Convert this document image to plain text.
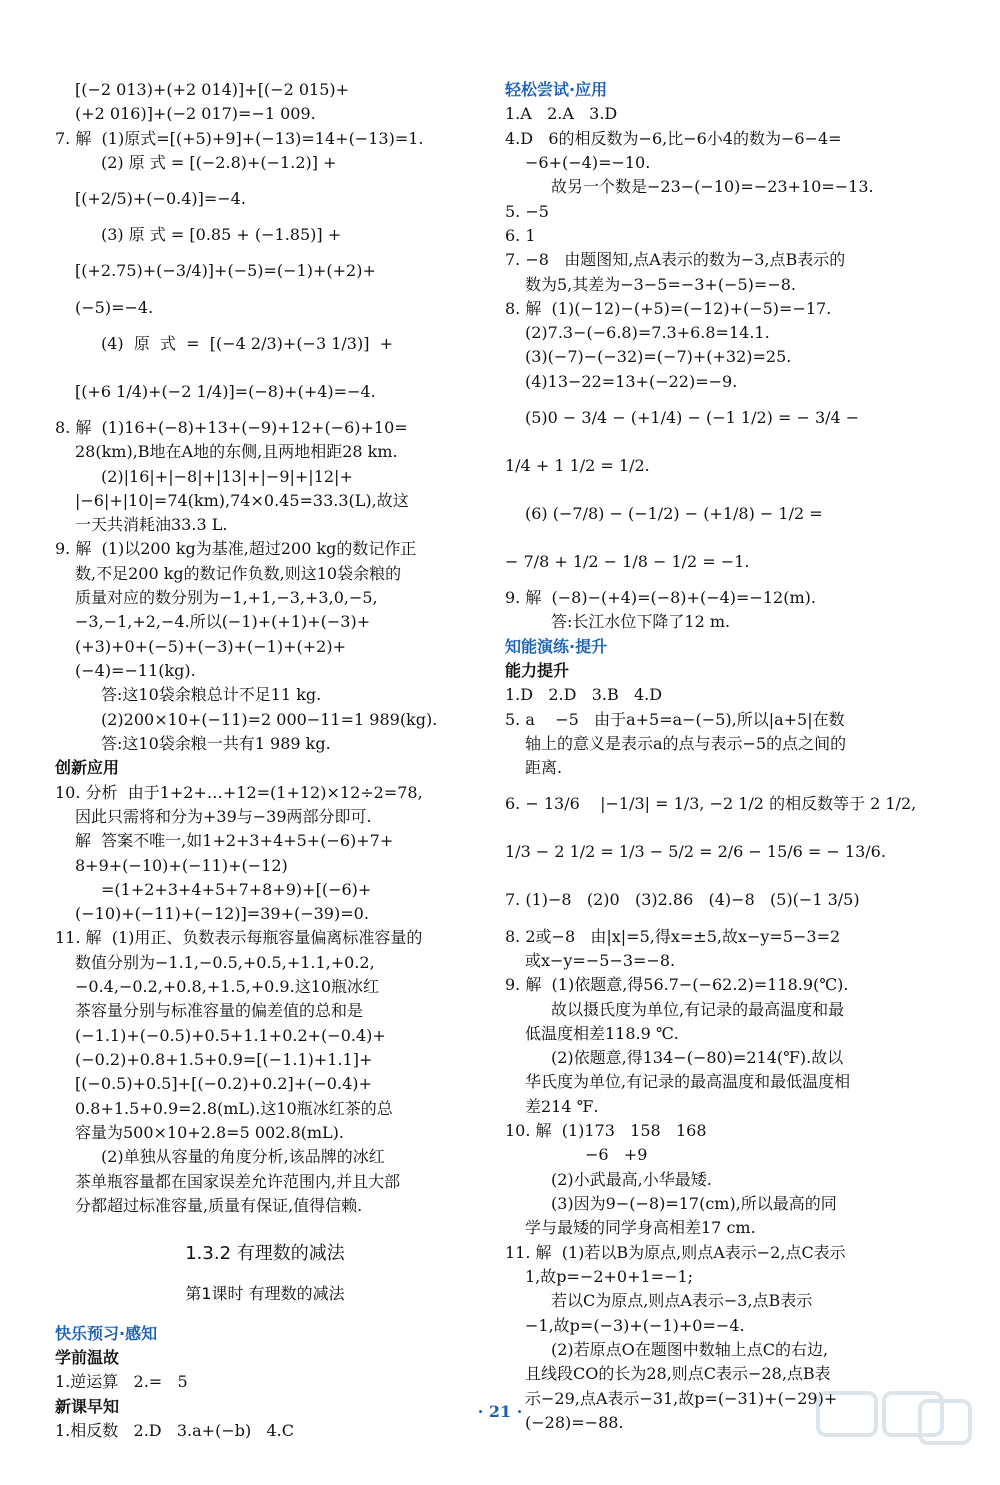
[(−2 013)+(+2 014)]+[(−2 015)+
(+2 016)]+(−2 017)=−1 009.
7. 解  (1)原式=[(+5)+9]+(−13)=14+(−13)=1.
(2) 原 式 = [(−2.8)+(−1.2)] +
[(+2/5)+(−0.4)]=−4.
(3) 原 式 = [0.85 + (−1.85)] +
[(+2.75)+(−3/4)]+(−5)=(−1)+(+2)+
(−5)=−4.
(4)  原  式  =  [(−4 2/3)+(−3 1/3)]  +
[(+6 1/4)+(−2 1/4)]=(−8)+(+4)=−4.
8. 解  (1)16+(−8)+13+(−9)+12+(−6)+10=
28(km),B地在A地的东侧,且两地相距28 km.
(2)|16|+|−8|+|13|+|−9|+|12|+
|−6|+|10|=74(km),74×0.45=33.3(L),故这
一天共消耗油33.3 L.
9. 解  (1)以200 kg为基准,超过200 kg的数记作正
数,不足200 kg的数记作负数,则这10袋余粮的
质量对应的数分别为−1,+1,−3,+3,0,−5,
−3,−1,+2,−4.所以(−1)+(+1)+(−3)+
(+3)+0+(−5)+(−3)+(−1)+(+2)+
(−4)=−11(kg).
答:这10袋余粮总计不足11 kg.
(2)200×10+(−11)=2 000−11=1 989(kg).
答:这10袋余粮一共有1 989 kg.
创新应用
10. 分析  由于1+2+…+12=(1+12)×12÷2=78,
因此只需将和分为+39与−39两部分即可.
解  答案不唯一,如1+2+3+4+5+(−6)+7+
8+9+(−10)+(−11)+(−12)
=(1+2+3+4+5+7+8+9)+[(−6)+
(−10)+(−11)+(−12)]=39+(−39)=0.
11. 解  (1)用正、负数表示每瓶容量偏离标准容量的
数值分别为−1.1,−0.5,+0.5,+1.1,+0.2,
−0.4,−0.2,+0.8,+1.5,+0.9.这10瓶冰红
茶容量分别与标准容量的偏差值的总和是
(−1.1)+(−0.5)+0.5+1.1+0.2+(−0.4)+
(−0.2)+0.8+1.5+0.9=[(−1.1)+1.1]+
[(−0.5)+0.5]+[(−0.2)+0.2]+(−0.4)+
0.8+1.5+0.9=2.8(mL).这10瓶冰红茶的总
容量为500×10+2.8=5 002.8(mL).
(2)单独从容量的角度分析,该品牌的冰红
茶单瓶容量都在国家误差允许范围内,并且大部
分都超过标准容量,质量有保证,值得信赖.
1.3.2 有理数的减法
第1课时 有理数的减法
快乐预习·感知
学前温故
1.逆运算   2.=   5
新课早知
1.相反数   2.D   3.a+(−b)   4.C
轻松尝试·应用
1.A   2.A   3.D
4.D   6的相反数为−6,比−6小4的数为−6−4=
−6+(−4)=−10.
故另一个数是−23−(−10)=−23+10=−13.
5. −5
6. 1
7. −8   由题图知,点A表示的数为−3,点B表示的
数为5,其差为−3−5=−3+(−5)=−8.
8. 解  (1)(−12)−(+5)=(−12)+(−5)=−17.
(2)7.3−(−6.8)=7.3+6.8=14.1.
(3)(−7)−(−32)=(−7)+(+32)=25.
(4)13−22=13+(−22)=−9.
(5)0 − 3/4 − (+1/4) − (−1 1/2) = − 3/4 −
1/4 + 1 1/2 = 1/2.
(6) (−7/8) − (−1/2) − (+1/8) − 1/2 =
− 7/8 + 1/2 − 1/8 − 1/2 = −1.
9. 解  (−8)−(+4)=(−8)+(−4)=−12(m).
答:长江水位下降了12 m.
知能演练·提升
能力提升
1.D   2.D   3.B   4.D
5. a    −5   由于a+5=a−(−5),所以|a+5|在数
轴上的意义是表示a的点与表示−5的点之间的
距离.
6. − 13/6    |−1/3| = 1/3, −2 1/2 的相反数等于 2 1/2,
1/3 − 2 1/2 = 1/3 − 5/2 = 2/6 − 15/6 = − 13/6.
7. (1)−8   (2)0   (3)2.86   (4)−8   (5)(−1 3/5)
8. 2或−8   由|x|=5,得x=±5,故x−y=5−3=2
或x−y=−5−3=−8.
9. 解  (1)依题意,得56.7−(−62.2)=118.9(℃).
故以摄氏度为单位,有记录的最高温度和最
低温度相差118.9 ℃.
(2)依题意,得134−(−80)=214(℉).故以
华氏度为单位,有记录的最高温度和最低温度相
差214 ℉.
10. 解  (1)173   158   168
−6   +9
(2)小武最高,小华最矮.
(3)因为9−(−8)=17(cm),所以最高的同
学与最矮的同学身高相差17 cm.
11. 解  (1)若以B为原点,则点A表示−2,点C表示
1,故p=−2+0+1=−1;
若以C为原点,则点A表示−3,点B表示
−1,故p=(−3)+(−1)+0=−4.
(2)若原点O在题图中数轴上点C的右边,
且线段CO的长为28,则点C表示−28,点B表
示−29,点A表示−31,故p=(−31)+(−29)+
(−28)=−88.
· 21 ·
